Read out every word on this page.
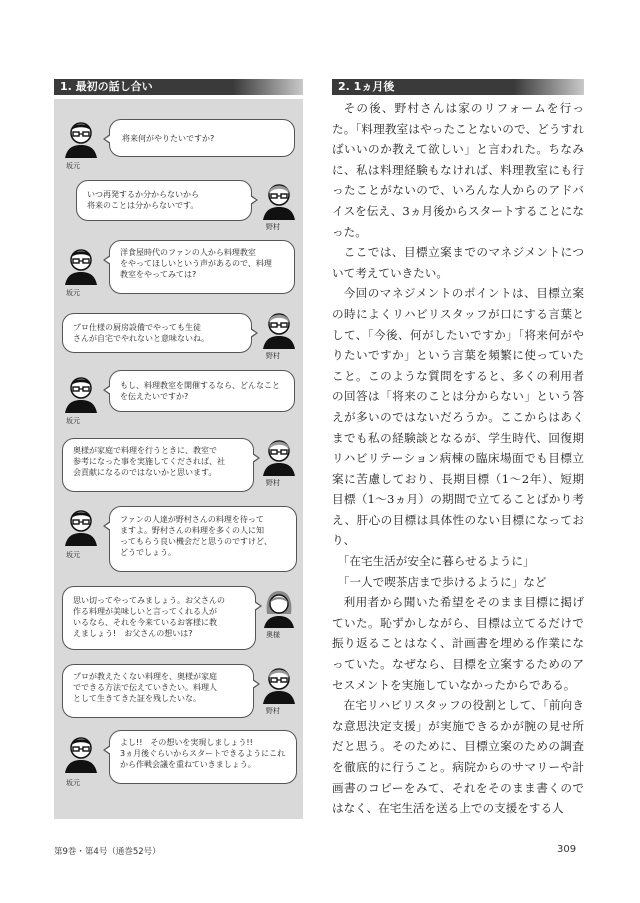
1. 最初の話し合い	2. 1ヵ月後
坂元
将来何がやりたいですか?
いつ再発するか分からないから
将来のことは分からないです。
野村
坂元
洋食屋時代のファンの人から料理教室
をやってほしいという声があるので、料理
教室をやってみては?
プロ仕様の厨房設備でやっても生徒
さんが自宅でやれないと意味ないね。
野村
坂元
もし、料理教室を開催するなら、どんなこと
を伝えたいですか?
奥様が家庭で料理を行うときに、教室で
参考になった事を実施してくだされば、社
会貢献になるのではないかと思います。
野村
坂元
ファンの人達が野村さんの料理を待って
ますよ。野村さんの料理を多くの人に知
ってもらう良い機会だと思うのですけど、
どうでしょう。
思い切ってやってみましょう。お父さんの
作る料理が美味しいと言ってくれる人が
いるなら、それを今来ているお客様に教
えましょう!　お父さんの想いは?	奥様
プロが教えたくない料理を、奥様が家庭
でできる方法で伝えていきたい。料理人
として生きてきた証を残したいな。
野村
坂元
よし!!　その想いを実現しましょう!!
3ヵ月後ぐらいからスタートできるようにこれ
から作戦会議を重ねていきましょう。

その後、野村さんは家のリフォームを行った。「料理教室はやったことないので、どうすればいいのか教えて欲しい」と言われた。ちなみに、私は料理経験もなければ、料理教室にも行ったことがないので、いろんな人からのアドバイスを伝え、3ヵ月後からスタートすることになった。

ここでは、目標立案までのマネジメントについて考えていきたい。

今回のマネジメントのポイントは、目標立案の時によくリハビリスタッフが口にする言葉として、「今後、何がしたいですか」「将来何がやりたいですか」という言葉を頻繁に使っていたこと。このような質問をすると、多くの利用者の回答は「将来のことは分からない」という答えが多いのではないだろうか。ここからはあくまでも私の経験談となるが、学生時代、回復期リハビリテーション病棟の臨床場面でも目標立案に苦慮しており、長期目標（1～2年）、短期目標（1～3ヵ月）の期間で立てることばかり考え、肝心の目標は具体性のない目標になっており、

「在宅生活が安全に暮らせるように」

「一人で喫茶店まで歩けるように」など

利用者から聞いた希望をそのまま目標に掲げていた。恥ずかしながら、目標は立てるだけで振り返ることはなく、計画書を埋める作業になっていた。なぜなら、目標を立案するためのアセスメントを実施していなかったからである。

在宅リハビリスタッフの役割として、「前向きな意思決定支援」が実施できるかが腕の見せ所だと思う。そのために、目標立案のための調査を徹底的に行うこと。病院からのサマリーや計画書のコピーをみて、それをそのまま書くのではなく、在宅生活を送る上での支援をする人

第9巻・第4号（通巻52号）	309
